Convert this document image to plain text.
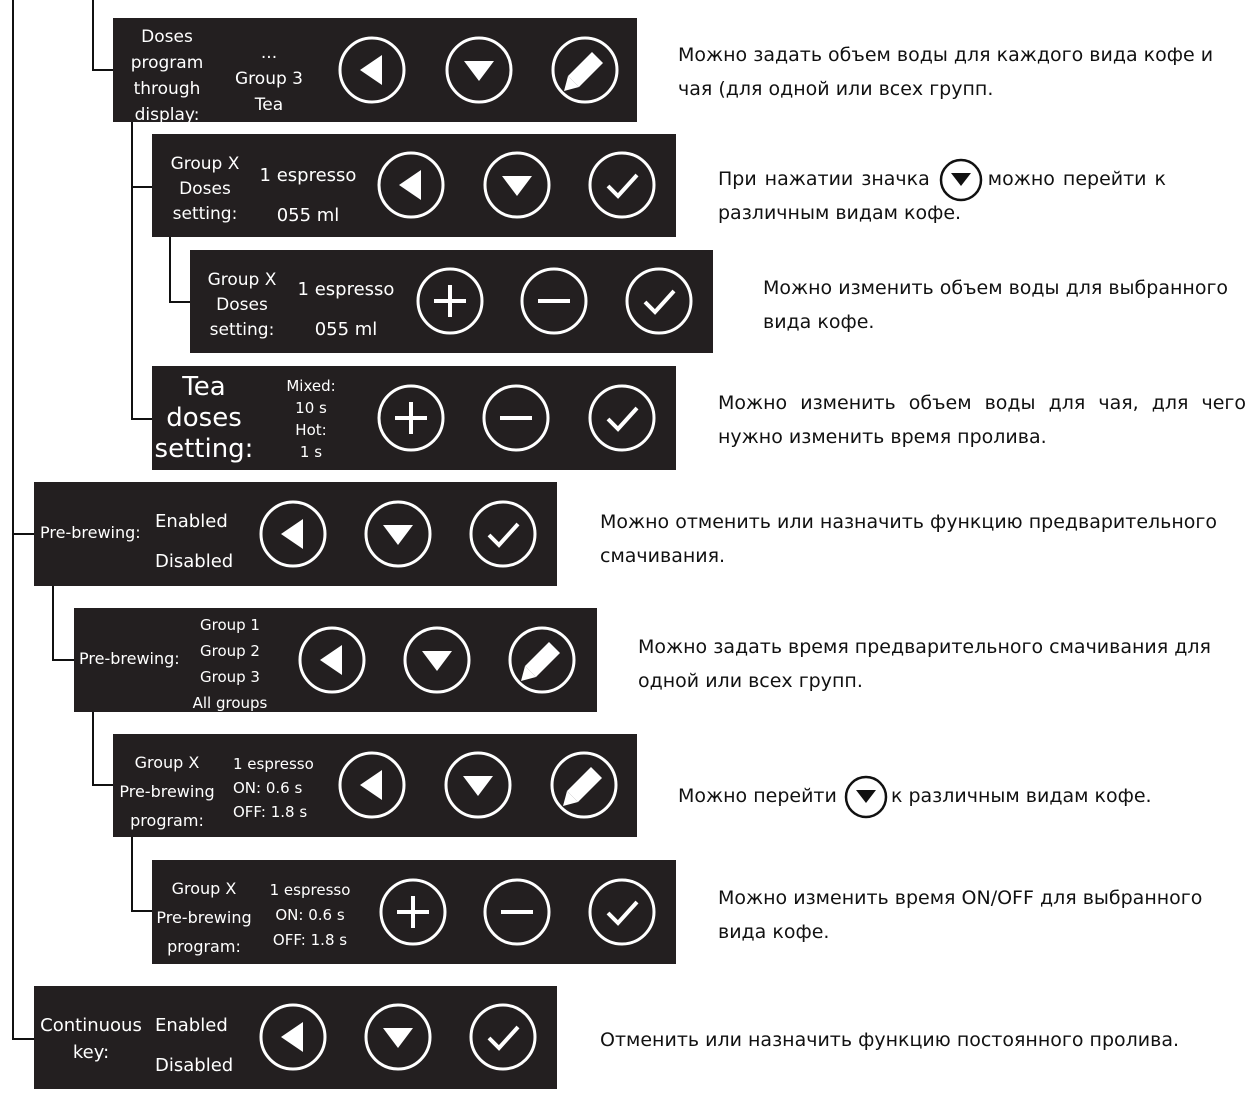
Doses
program
through
display:
...
Group 3
Tea
Можно задать объем воды для каждого вида кофе и чая (для одной или всех групп.
Group X
Doses
setting:
1 espresso
055 ml
При нажатии значка	можно перейти к различным видам кофе.
Group X
Doses
setting:
1 espresso
055 ml
Можно изменить объем воды для выбранного вида кофе.
Tea
doses
setting:
Mixed:
10 s
Hot:
1 s
Можно изменить объем воды для чая, для чего нужно изменить время пролива.
Pre-brewing:
Enabled
Disabled
Можно отменить или назначить функцию предварительного смачивания.
Pre-brewing:
Group 1
Group 2
Group 3
All groups
Можно задать время предварительного смачивания для одной или всех групп.
Group X
Pre-brewing
program:
1 espresso
ON: 0.6 s
OFF: 1.8 s
Можно перейти	к различным видам кофе.
Group X
Pre-brewing
program:
1 espresso
ON: 0.6 s
OFF: 1.8 s
Можно изменить время ON/OFF для выбранного вида кофе.
Continuous
key:
Enabled
Disabled
Отменить или назначить функцию постоянного пролива.
